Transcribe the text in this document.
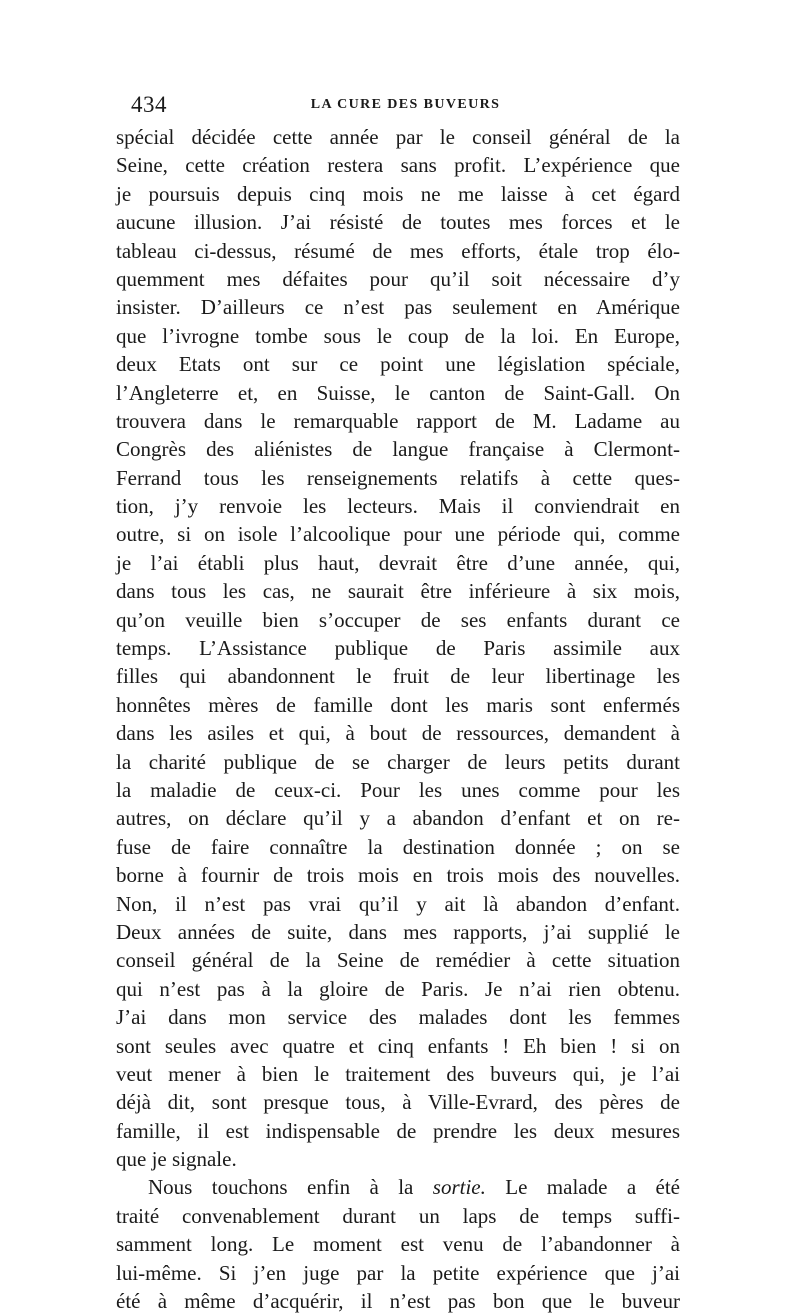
434	LA CURE DES BUVEURS
spécial décidée cette année par le conseil général de la
Seine, cette création restera sans profit. L’expérience que
je poursuis depuis cinq mois ne me laisse à cet égard
aucune illusion. J’ai résisté de toutes mes forces et le
tableau ci-dessus, résumé de mes efforts, étale trop élo-
quemment mes défaites pour qu’il soit nécessaire d’y
insister. D’ailleurs ce n’est pas seulement en Amérique
que l’ivrogne tombe sous le coup de la loi. En Europe,
deux Etats ont sur ce point une législation spéciale,
l’Angleterre et, en Suisse, le canton de Saint-Gall. On
trouvera dans le remarquable rapport de M. Ladame au
Congrès des aliénistes de langue française à Clermont-
Ferrand tous les renseignements relatifs à cette ques-
tion, j’y renvoie les lecteurs. Mais il conviendrait en
outre, si on isole l’alcoolique pour une période qui, comme
je l’ai établi plus haut, devrait être d’une année, qui,
dans tous les cas, ne saurait être inférieure à six mois,
qu’on veuille bien s’occuper de ses enfants durant ce
temps. L’Assistance publique de Paris assimile aux
filles qui abandonnent le fruit de leur libertinage les
honnêtes mères de famille dont les maris sont enfermés
dans les asiles et qui, à bout de ressources, demandent à
la charité publique de se charger de leurs petits durant
la maladie de ceux-ci. Pour les unes comme pour les
autres, on déclare qu’il y a abandon d’enfant et on re-
fuse de faire connaître la destination donnée ; on se
borne à fournir de trois mois en trois mois des nouvelles.
Non, il n’est pas vrai qu’il y ait là abandon d’enfant.
Deux années de suite, dans mes rapports, j’ai supplié le
conseil général de la Seine de remédier à cette situation
qui n’est pas à la gloire de Paris. Je n’ai rien obtenu.
J’ai dans mon service des malades dont les femmes
sont seules avec quatre et cinq enfants ! Eh bien ! si on
veut mener à bien le traitement des buveurs qui, je l’ai
déjà dit, sont presque tous, à Ville-Evrard, des pères de
famille, il est indispensable de prendre les deux mesures
que je signale.
Nous touchons enfin à la sortie. Le malade a été
traité convenablement durant un laps de temps suffi-
samment long. Le moment est venu de l’abandonner à
lui-même. Si j’en juge par la petite expérience que j’ai
été à même d’acquérir, il n’est pas bon que le buveur
